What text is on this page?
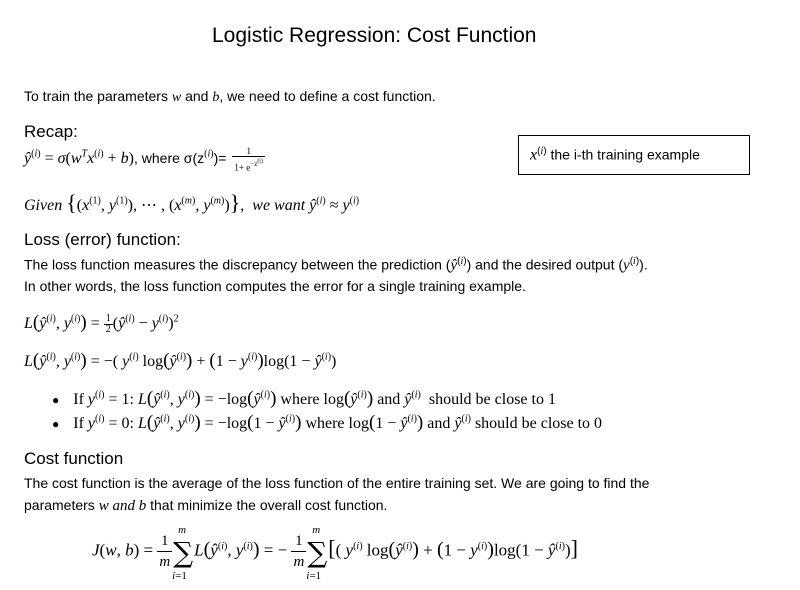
Logistic Regression: Cost Function
To train the parameters w and b, we need to define a cost function.
Recap:
$ŷ^{(i)} = \sigma(w^Tx^{(i)} + b)$, where $\sigma(z^{(i)})= \frac{1}{1+ e^{-z^{(i)}}}$
Given {($x^{(1)}$, $y^{(1)}$), ⋯ , ($x^{(m)}$, $y^{(m)}$)},  we want $ŷ^{(i)} \approx y^{(i)}$
$x^{(i)}$ the i-th training example
Loss (error) function:
The loss function measures the discrepancy between the prediction $(ŷ^{(i)})$ and the desired output $(y^{(i)})$.
In other words, the loss function computes the error for a single training example.
$L(ŷ^{(i)}$, $y^{(i)}) = \frac{1}{2}$ $(ŷ^{(i)} - y^{(i)})^2$
$L(ŷ^{(i)}$, $y^{(i)}$) = −( $y^{(i)}$ $\log(ŷ^{(i)}) + (1 - y^{(i)})\log(1$ − $ŷ^{(i)}$)
● If $y^{(i)} = 1$: $L(ŷ^{(i)}$, $y^{(i)}$) = $-\log(ŷ^{(i)})$ where $\log(ŷ^{(i)})$ and $ŷ^{(i)}$ should be close to 1
● If $y^{(i)} = 0$: $L(ŷ^{(i)}$, $y^{(i)}) = -\log(1$ − $ŷ^{(i)}$) where $\log(1 - ŷ^{(i)})$ and $ŷ^{(i)}$ should be close to 0
Cost function
The cost function is the average of the loss function of the entire training set. We are going to find the
parameters w and b that minimize the overall cost function.
J(w, $b) = \frac{1}{m}$
m
∑
i=1
$L(ŷ^{(i)}$, $y^{(i)}$) = − $\frac{1}{m}$
m
∑
i=1
[( $y^{(i)}$ $\log(ŷ^{(i)}) + (1 - y^{(i)})\log(1$ − $ŷ^{(i)}$)]
